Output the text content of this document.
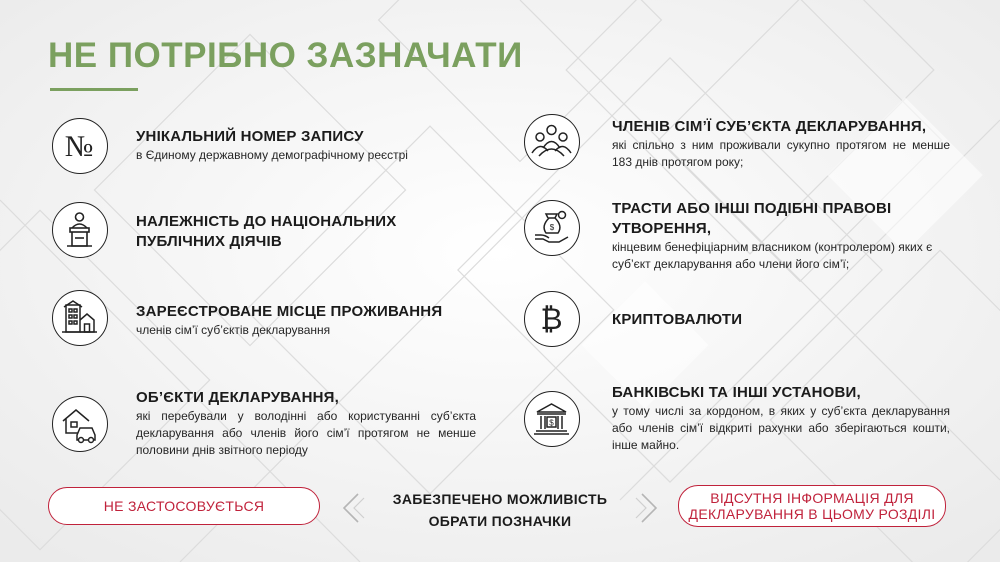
НЕ ПОТРІБНО ЗАЗНАЧАТИ
№	УНІКАЛЬНИЙ НОМЕР ЗАПИСУ
в Єдиному державному демографічному реєстрі
НАЛЕЖНІСТЬ ДО НАЦІОНАЛЬНИХ
ПУБЛІЧНИХ ДІЯЧІВ
ЗАРЕЄСТРОВАНЕ МІСЦЕ ПРОЖИВАННЯ
членів сім’ї суб’єктів декларування
ОБ’ЄКТИ ДЕКЛАРУВАННЯ,
які перебували у володінні або користуванні суб’єкта декларування або членів його сім’ї протягом не менше половини днів звітного періоду
ЧЛЕНІВ СІМ’Ї СУБ’ЄКТА ДЕКЛАРУВАННЯ,
які спільно з ним проживали сукупно протягом не менше 183 днів протягом року;
$
ТРАСТИ АБО ІНШІ ПОДІБНІ ПРАВОВІ
УТВОРЕННЯ,
кінцевим бенефіціарним власником (контролером) яких є суб’єкт декларування або члени його сім’ї;
₿	КРИПТОВАЛЮТИ
$
БАНКІВСЬКІ ТА ІНШІ УСТАНОВИ,
у тому числі за кордоном, в яких у суб’єкта декларування або членів сім’ї відкриті рахунки або зберігаються кошти, інше майно.
НЕ ЗАСТОСОВУЄТЬСЯ	ЗАБЕЗПЕЧЕНО МОЖЛИВІСТЬ
ОБРАТИ ПОЗНАЧКИ
ВІДСУТНЯ ІНФОРМАЦІЯ ДЛЯ
ДЕКЛАРУВАННЯ В ЦЬОМУ РОЗДІЛІ
